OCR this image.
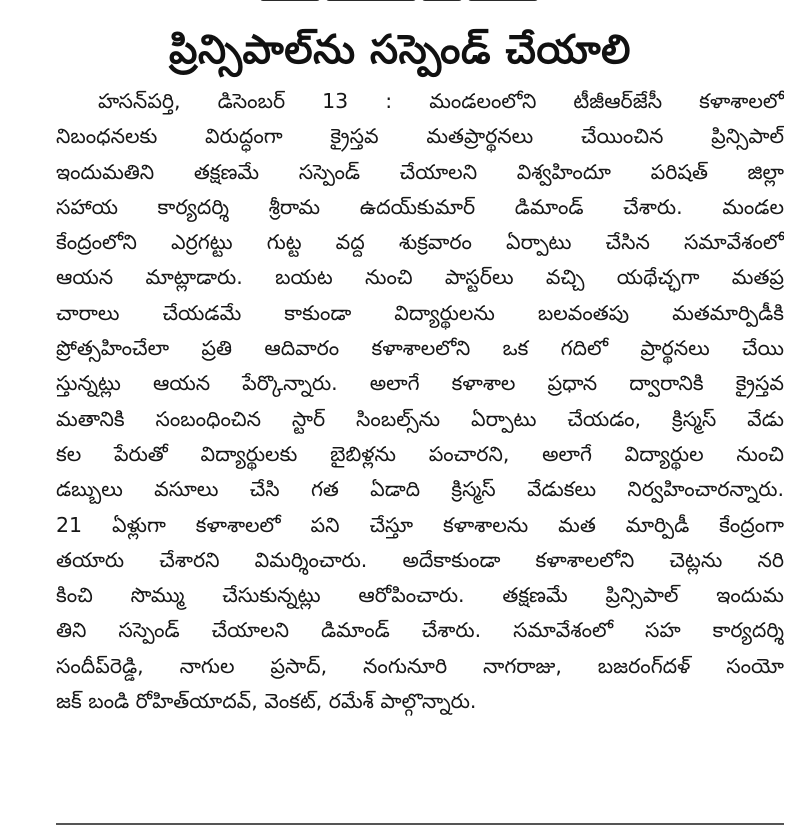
ప్రిన్సిపాల్‌ను సస్పెండ్ చేయాలి
హసన్‌పర్తి, డిసెంబర్ 13 : మండలంలోని టీజీఆర్‌జేసీ కళాశాలలో
నిబంధనలకు విరుద్ధంగా క్రైస్తవ మతప్రార్థనలు చేయించిన ప్రిన్సిపాల్
ఇందుమతిని తక్షణమే సస్పెండ్ చేయాలని విశ్వహిందూ పరిషత్ జిల్లా
సహాయ కార్యదర్శి శ్రీరామ ఉదయ్‌కుమార్ డిమాండ్ చేశారు. మండల
కేంద్రంలోని ఎర్రగట్టు గుట్ట వద్ద శుక్రవారం ఏర్పాటు చేసిన సమావేశంలో
ఆయన మాట్లాడారు. బయట నుంచి పాస్టర్‌లు వచ్చి యథేచ్ఛగా మతప్ర
చారాలు చేయడమే కాకుండా విద్యార్థులను బలవంతపు మతమార్పిడీకి
ప్రోత్సహించేలా ప్రతి ఆదివారం కళాశాలలోని ఒక గదిలో ప్రార్థనలు చేయి
స్తున్నట్లు ఆయన పేర్కొన్నారు. అలాగే కళాశాల ప్రధాన ద్వారానికి క్రైస్తవ
మతానికి సంబంధించిన స్టార్ సింబల్స్‌ను ఏర్పాటు చేయడం, క్రిస్మస్ వేడు
కల పేరుతో విద్యార్థులకు బైబిళ్లను పంచారని, అలాగే విద్యార్థుల నుంచి
డబ్బులు వసూలు చేసి గత ఏడాది క్రిస్మస్ వేడుకలు నిర్వహించారన్నారు.
21 ఏళ్లుగా కళాశాలలో పని చేస్తూ కళాశాలను మత మార్పిడీ కేంద్రంగా
తయారు చేశారని విమర్శించారు. అదేకాకుండా కళాశాలలోని చెట్లను నరి
కించి సొమ్ము చేసుకున్నట్లు ఆరోపించారు. తక్షణమే ప్రిన్సిపాల్ ఇందుమ
తిని సస్పెండ్ చేయాలని డిమాండ్ చేశారు. సమావేశంలో సహ కార్యదర్శి
సందీప్‌రెడ్డి, నాగుల ప్రసాద్, నంగునూరి నాగరాజు, బజరంగ్‌దళ్ సంయో
జక్ బండి రోహిత్‌యాదవ్, వెంకట్, రమేశ్ పాల్గొన్నారు.
